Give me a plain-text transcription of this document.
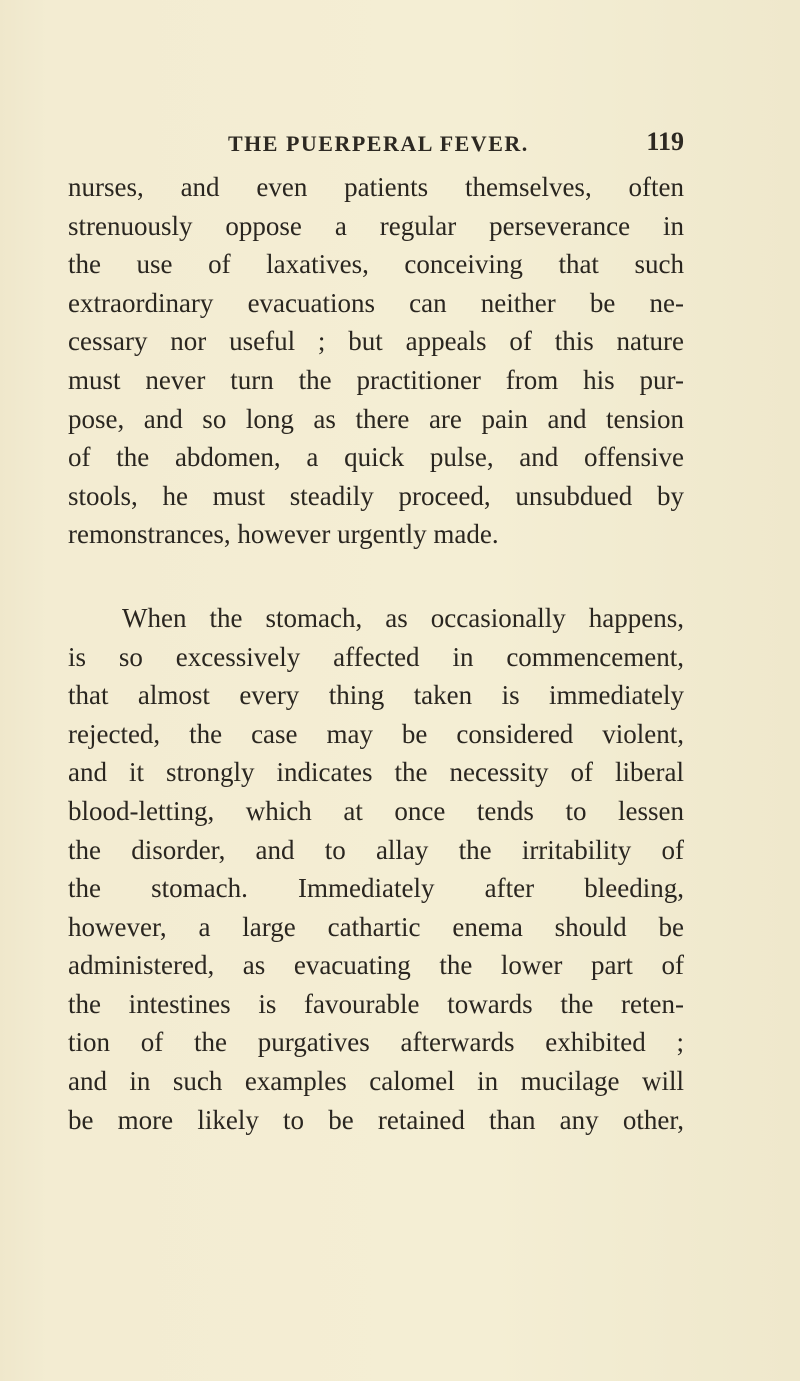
THE PUERPERAL FEVER.	119
nurses, and even patients themselves, often
strenuously oppose a regular perseverance in
the use of laxatives, conceiving that such
extraordinary evacuations can neither be ne-
cessary nor useful ; but appeals of this nature
must never turn the practitioner from his pur-
pose, and so long as there are pain and tension
of the abdomen, a quick pulse, and offensive
stools, he must steadily proceed, unsubdued by
remonstrances, however urgently made.
When the stomach, as occasionally happens,
is so excessively affected in commencement,
that almost every thing taken is immediately
rejected, the case may be considered violent,
and it strongly indicates the necessity of liberal
blood-letting, which at once tends to lessen
the disorder, and to allay the irritability of
the stomach. Immediately after bleeding,
however, a large cathartic enema should be
administered, as evacuating the lower part of
the intestines is favourable towards the reten-
tion of the purgatives afterwards exhibited ;
and in such examples calomel in mucilage will
be more likely to be retained than any other,
